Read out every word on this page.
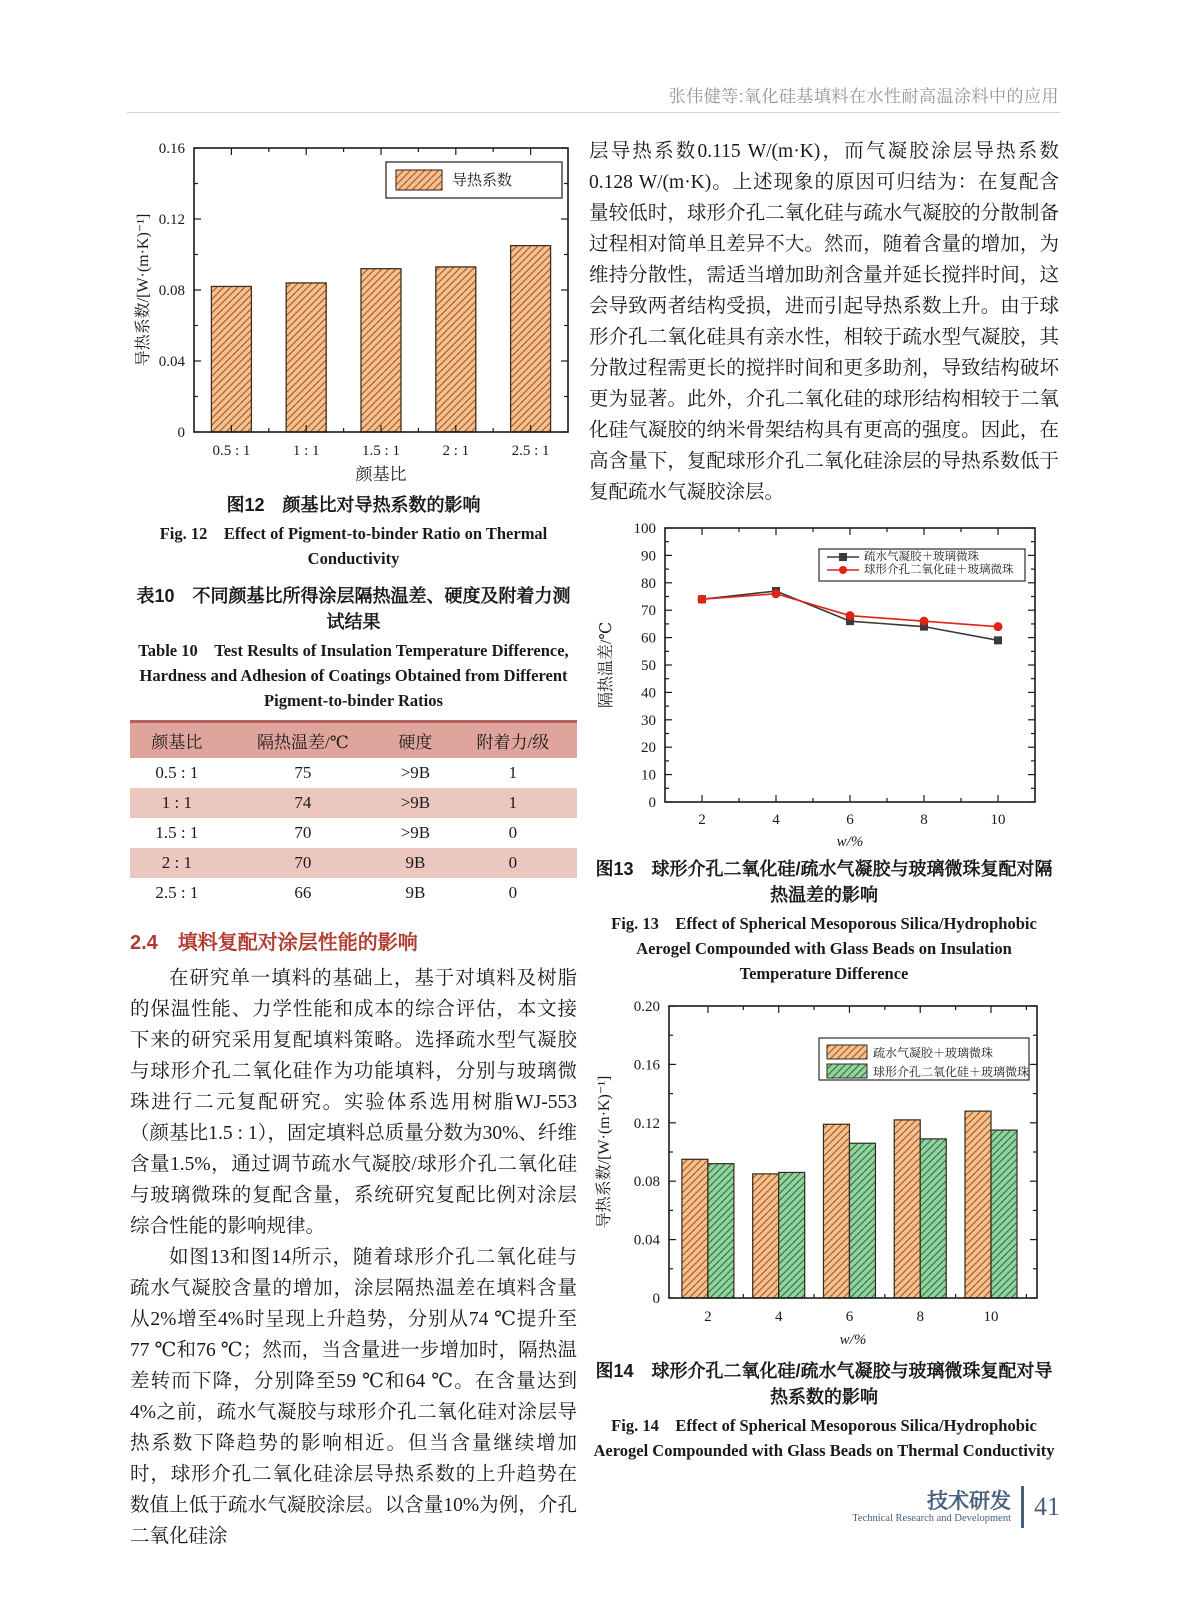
张伟健等:氧化硅基填料在水性耐高温涂料中的应用
0
0.04
0.08
0.12
0.16
0.5 : 1	1 : 1	1.5 : 1	2 : 1	2.5 : 1
颜基比
导热系数/[W·(m·K)⁻¹]
导热系数
图12　颜基比对导热系数的影响
Fig. 12　Effect of Pigment-to-binder Ratio on Thermal Conductivity
表10　不同颜基比所得涂层隔热温差、硬度及附着力测试结果
Table 10　Test Results of Insulation Temperature Difference, Hardness and Adhesion of Coatings Obtained from Different Pigment-to-binder Ratios
颜基比	隔热温差/℃	硬度	附着力/级
0.5 : 1	75	>9B	1
1 : 1	74	>9B	1
1.5 : 1	70	>9B	0
2 : 1	70	9B	0
2.5 : 1	66	9B	0
2.4　填料复配对涂层性能的影响

在研究单一填料的基础上，基于对填料及树脂的保温性能、力学性能和成本的综合评估，本文接下来的研究采用复配填料策略。选择疏水型气凝胶与球形介孔二氧化硅作为功能填料，分别与玻璃微珠进行二元复配研究。实验体系选用树脂WJ-553（颜基比1.5 : 1），固定填料总质量分数为30%、纤维含量1.5%，通过调节疏水气凝胶/球形介孔二氧化硅与玻璃微珠的复配含量，系统研究复配比例对涂层综合性能的影响规律。

如图13和图14所示，随着球形介孔二氧化硅与疏水气凝胶含量的增加，涂层隔热温差在填料含量从2%增至4%时呈现上升趋势，分别从74 ℃提升至77 ℃和76 ℃；然而，当含量进一步增加时，隔热温差转而下降，分别降至59 ℃和64 ℃。在含量达到4%之前，疏水气凝胶与球形介孔二氧化硅对涂层导热系数下降趋势的影响相近。但当含量继续增加时，球形介孔二氧化硅涂层导热系数的上升趋势在数值上低于疏水气凝胶涂层。以含量10%为例，介孔二氧化硅涂

层导热系数0.115 W/(m·K)，而气凝胶涂层导热系数0.128 W/(m·K)。上述现象的原因可归结为：在复配含量较低时，球形介孔二氧化硅与疏水气凝胶的分散制备过程相对简单且差异不大。然而，随着含量的增加，为维持分散性，需适当增加助剂含量并延长搅拌时间，这会导致两者结构受损，进而引起导热系数上升。由于球形介孔二氧化硅具有亲水性，相较于疏水型气凝胶，其分散过程需更长的搅拌时间和更多助剂，导致结构破坏更为显著。此外，介孔二氧化硅的球形结构相较于二氧化硅气凝胶的纳米骨架结构具有更高的强度。因此，在高含量下，复配球形介孔二氧化硅涂层的导热系数低于复配疏水气凝胶涂层。

0
10
20
30
40
50
60
70
80
90
100
2	4	6	8	10
w/%
隔热温差/℃
疏水气凝胶＋玻璃微珠
球形介孔二氧化硅＋玻璃微珠
图13　球形介孔二氧化硅/疏水气凝胶与玻璃微珠复配对隔热温差的影响
Fig. 13　Effect of Spherical Mesoporous Silica/Hydrophobic Aerogel Compounded with Glass Beads on Insulation Temperature Difference
0
0.04
0.08
0.12
0.16
0.20
2	4	6	8	10
w/%
导热系数/[W·(m·K)⁻¹]
疏水气凝胶＋玻璃微珠
球形介孔二氧化硅＋玻璃微珠
图14　球形介孔二氧化硅/疏水气凝胶与玻璃微珠复配对导热系数的影响
Fig. 14　Effect of Spherical Mesoporous Silica/Hydrophobic Aerogel Compounded with Glass Beads on Thermal Conductivity
技术研发
Technical Research and Development 41
